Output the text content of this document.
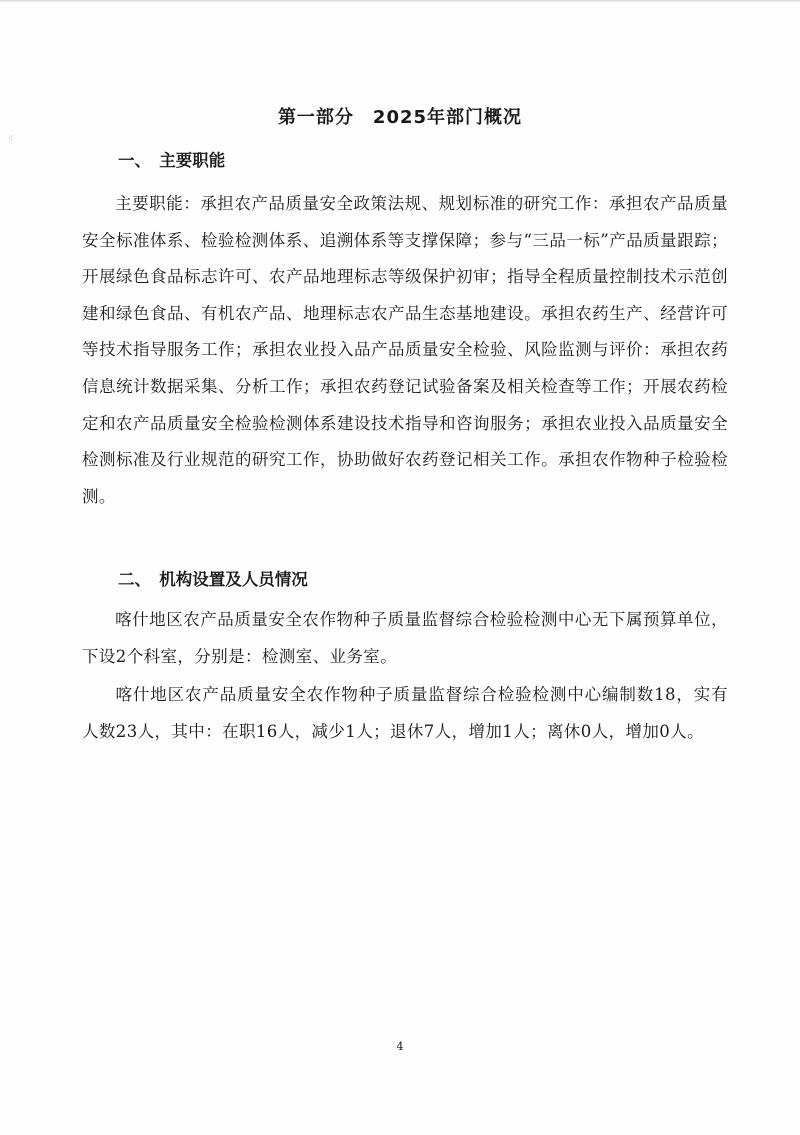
⁖
第一部分　2025年部门概况
一、　主要职能

主要职能：承担农产品质量安全政策法规、规划标准的研究工作：承担农产品质量安全标准体系、检验检测体系、追溯体系等支撑保障；参与“三品一标”产品质量跟踪；开展绿色食品标志许可、农产品地理标志等级保护初审；指导全程质量控制技术示范创建和绿色食品、有机农产品、地理标志农产品生态基地建设。承担农药生产、经营许可等技术指导服务工作；承担农业投入品产品质量安全检验、风险监测与评价：承担农药信息统计数据采集、分析工作；承担农药登记试验备案及相关检查等工作；开展农药检定和农产品质量安全检验检测体系建设技术指导和咨询服务；承担农业投入品质量安全检测标准及行业规范的研究工作，协助做好农药登记相关工作。承担农作物种子检验检测。

二、　机构设置及人员情况

喀什地区农产品质量安全农作物种子质量监督综合检验检测中心无下属预算单位，下设2个科室，分别是：检测室、业务室。

喀什地区农产品质量安全农作物种子质量监督综合检验检测中心编制数18，实有人数23人，其中：在职16人，减少1人；退休7人，增加1人；离休0人，增加0人。

4
